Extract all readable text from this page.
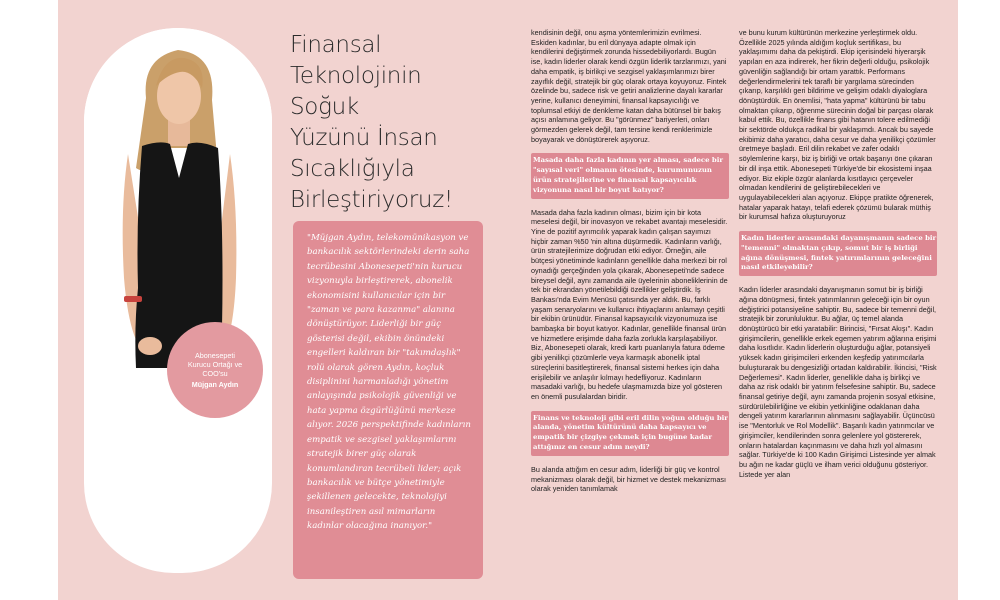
Abonesepeti
Kurucu Ortağı ve
COO'su
Müjgan Aydın
Finansal
Teknolojinin
Soğuk
Yüzünü İnsan
Sıcaklığıyla
Birleştiriyoruz!
"Müjgan Aydın, telekomünikasyon ve bankacılık sektörlerindeki derin saha tecrübesini Abonesepeti'nin kurucu vizyonuyla birleştirerek, abonelik ekonomisini kullanıcılar için bir "zaman ve para kazanma" alanına dönüştürüyor. Liderliği bir güç gösterisi değil, ekibin önündeki engelleri kaldıran bir "takımdaşlık" rolü olarak gören Aydın, koçluk disiplinini harmanladığı yönetim anlayışında psikolojik güvenliği ve hata yapma özgürlüğünü merkeze alıyor. 2026 perspektifinde kadınların empatik ve sezgisel yaklaşımlarını stratejik birer güç olarak konumlandıran tecrübeli lider; açık bankacılık ve bütçe yönetimiyle şekillenen gelecekte, teknolojiyi insanileştiren asıl mimarların kadınlar olacağına inanıyor."

kendisinin değil, onu aşma yöntemlerimizin evrilmesi. Eskiden kadınlar, bu eril dünyaya adapte olmak için kendilerini değiştirmek zorunda hissedebiliyorlardı. Bugün ise, kadın liderler olarak kendi özgün liderlik tarzlarımızı, yani daha empatik, iş birlikçi ve sezgisel yaklaşımlarımızı birer zayıflık değil, stratejik bir güç olarak ortaya koyuyoruz. Fintek özelinde bu, sadece risk ve getiri analizlerine dayalı kararlar yerine, kullanıcı deneyimini, finansal kapsayıcılığı ve toplumsal etkiyi de denkleme katan daha bütünsel bir bakış açısı anlamına geliyor. Bu "görünmez" bariyerleri, onları görmezden gelerek değil, tam tersine kendi renklerimizle boyayarak ve dönüştürerek aşıyoruz.

Masada daha fazla kadının yer alması, sadece bir "sayısal veri" olmanın ötesinde, kurumunuzun ürün stratejilerine ve finansal kapsayıcılık vizyonuna nasıl bir boyut katıyor?

Masada daha fazla kadının olması, bizim için bir kota meselesi değil, bir inovasyon ve rekabet avantajı meselesidir. Yine de pozitif ayrımcılık yaparak kadın çalışan sayımızı hiçbir zaman %50 'nin altına düşürmedik. Kadınların varlığı, ürün stratejilerimize doğrudan etki ediyor. Örneğin, aile bütçesi yönetiminde kadınların genellikle daha merkezi bir rol oynadığı gerçeğinden yola çıkarak, Abonesepeti'nde sadece bireysel değil, aynı zamanda aile üyelerinin aboneliklerinin de tek bir ekrandan yönetilebildiği özellikler geliştirdik. İş Bankası'nda Evim Menüsü çatısında yer aldık. Bu, farklı yaşam senaryolarını ve kullanıcı ihtiyaçlarını anlamayı çeşitli bir ekibin ürünüdür. Finansal kapsayıcılık vizyonumuza ise bambaşka bir boyut katıyor. Kadınlar, genellikle finansal ürün ve hizmetlere erişimde daha fazla zorlukla karşılaşabiliyor. Biz, Abonesepeti olarak, kredi kartı puanlarıyla fatura ödeme gibi yenilikçi çözümlerle veya karmaşık abonelik iptal süreçlerini basitleştirerek, finansal sistemi herkes için daha erişilebilir ve anlaşılır kılmayı hedefliyoruz. Kadınların masadaki varlığı, bu hedefe ulaşmamızda bize yol gösteren en önemli pusulalardan biridir.

Finans ve teknoloji gibi eril dilin yoğun olduğu bir alanda, yönetim kültürünü daha kapsayıcı ve empatik bir çizgiye çekmek için bugüne kadar attığınız en cesur adım neydi?

Bu alanda attığım en cesur adım, liderliği bir güç ve kontrol mekanizması olarak değil, bir hizmet ve destek mekanizması olarak yeniden tanımlamak

ve bunu kurum kültürünün merkezine yerleştirmek oldu. Özellikle 2025 yılında aldığım koçluk sertifikası, bu yaklaşımımı daha da pekiştirdi. Ekip içerisindeki hiyerarşik yapıları en aza indirerek, her fikrin değerli olduğu, psikolojik güvenliğin sağlandığı bir ortam yarattık. Performans değerlendirmelerini tek taraflı bir yargılama sürecinden çıkarıp, karşılıklı geri bildirime ve gelişim odaklı diyaloglara dönüştürdük. En önemlisi, "hata yapma" kültürünü bir tabu olmaktan çıkarıp, öğrenme sürecinin doğal bir parçası olarak kabul ettik. Bu, özellikle finans gibi hatanın tolere edilmediği bir sektörde oldukça radikal bir yaklaşımdı. Ancak bu sayede ekibimiz daha yaratıcı, daha cesur ve daha yenilikçi çözümler üretmeye başladı. Eril dilin rekabet ve zafer odaklı söylemlerine karşı, biz iş birliği ve ortak başarıyı öne çıkaran bir dil inşa ettik. Abonesepeti Türkiye'de bir ekosistemi inşaa ediyor. Biz ekiple özgür alanlarda kısıtlayıcı çerçeveler olmadan kendilerini de geliştirebilecekleri ve uygulayabilecekleri alan açıyoruz. Ekipçe pratikte öğrenerek, hatalar yaparak hatayı, telafi ederek çözümü bularak müthiş bir kurumsal hafıza oluşturuyoruz

Kadın liderler arasındaki dayanışmanın sadece bir "temenni" olmaktan çıkıp, somut bir iş birliği ağına dönüşmesi, fintek yatırımlarının geleceğini nasıl etkileyebilir?

Kadın liderler arasındaki dayanışmanın somut bir iş birliği ağına dönüşmesi, fintek yatırımlarının geleceği için bir oyun değiştirici potansiyeline sahiptir. Bu, sadece bir temenni değil, stratejik bir zorunluluktur. Bu ağlar, üç temel alanda dönüştürücü bir etki yaratabilir: Birincisi, "Fırsat Akışı". Kadın girişimcilerin, genellikle erkek egemen yatırım ağlarına erişimi daha kısıtlıdır. Kadın liderlerin oluşturduğu ağlar, potansiyeli yüksek kadın girişimcileri erkenden keşfedip yatırımcılarla buluşturarak bu dengesizliği ortadan kaldırabilir. İkincisi, "Risk Değerlemesi". Kadın liderler, genellikle daha iş birlikçi ve daha az risk odaklı bir yatırım felsefesine sahiptir. Bu, sadece finansal getiriye değil, aynı zamanda projenin sosyal etkisine, sürdürülebilirliğine ve ekibin yetkinliğine odaklanan daha dengeli yatırım kararlarının alınmasını sağlayabilir. Üçüncüsü ise "Mentorluk ve Rol Modellik". Başarılı kadın yatırımcılar ve girişimciler, kendilerinden sonra gelenlere yol göstererek, onların hatalardan kaçınmasını ve daha hızlı yol almasını sağlar. Türkiye'de ki 100 Kadın Girişimci Listesinde yer almak bu ağın ne kadar güçlü ve ilham verici olduğunu gösteriyor. Listede yer alan
